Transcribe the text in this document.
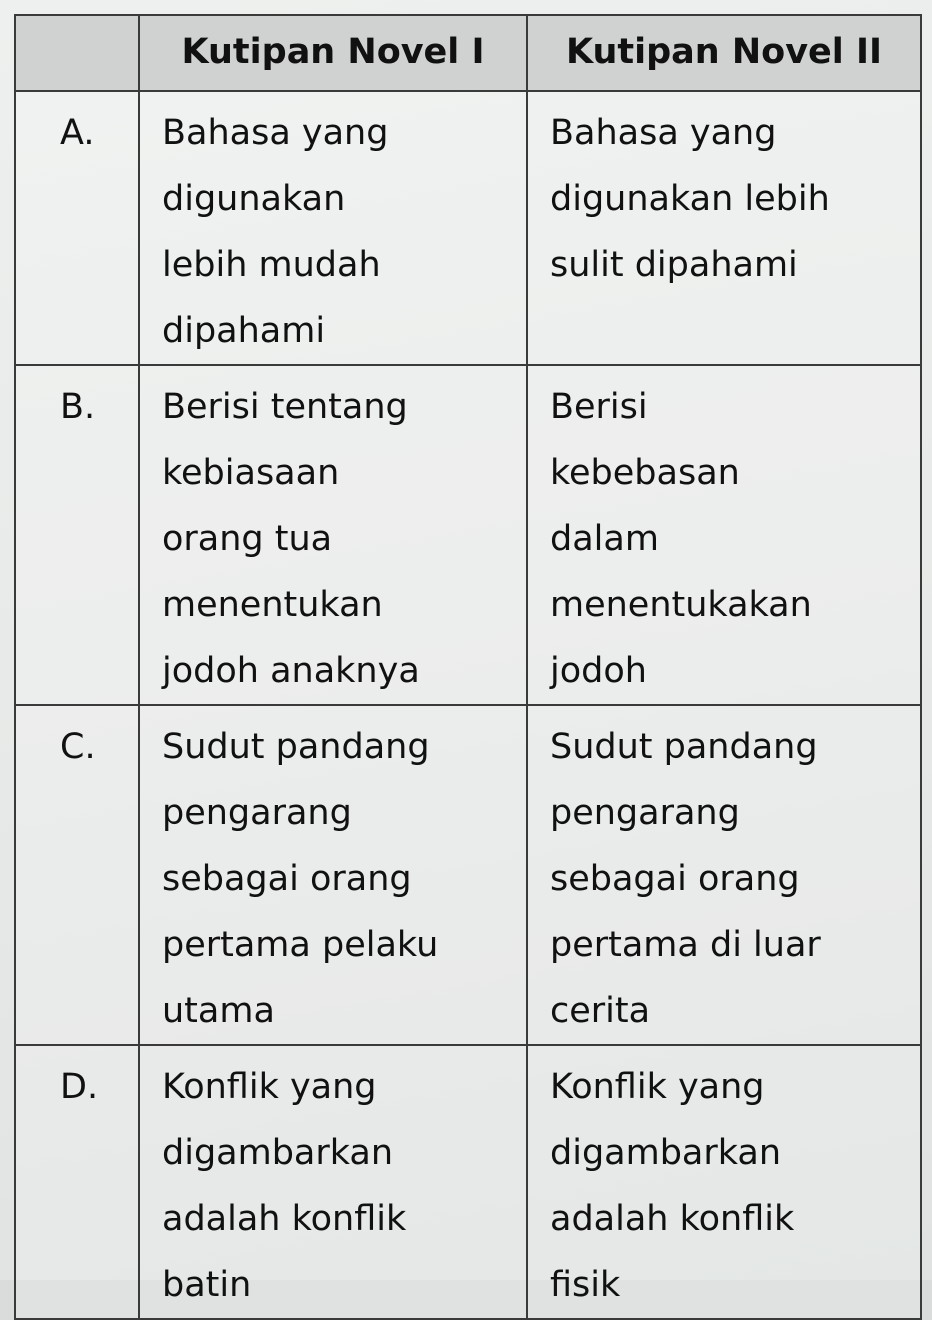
	Kutipan Novel I	Kutipan Novel II

A.	Bahasa yang
digunakan
lebih mudah
dipahami	Bahasa yang
digunakan lebih
sulit dipahami

B.	Berisi tentang
kebiasaan
orang tua
menentukan
jodoh anaknya	Berisi
kebebasan
dalam
menentukakan
jodoh

C.	Sudut pandang
pengarang
sebagai orang
pertama pelaku
utama	Sudut pandang
pengarang
sebagai orang
pertama di luar
cerita

D.	Konflik yang
digambarkan
adalah konflik
batin	Konflik yang
digambarkan
adalah konflik
fisik
